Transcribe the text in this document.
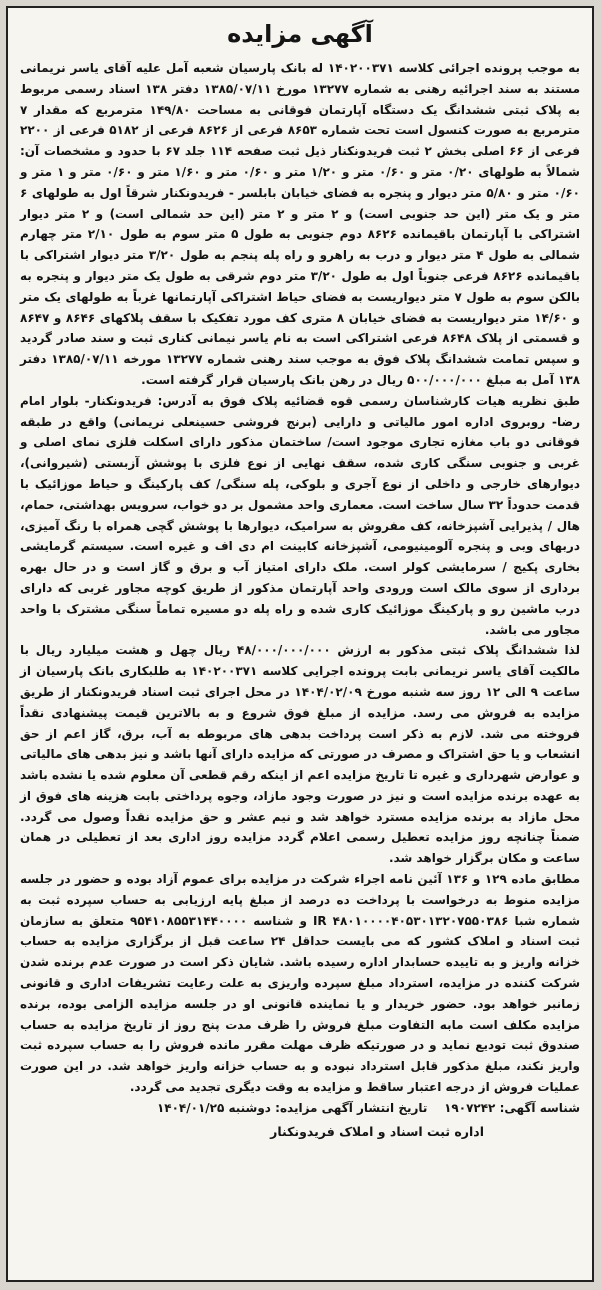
آگهی مزایده

به موجب پرونده اجرائی کلاسه ۱۴۰۲۰۰۳۷۱ له بانک پارسیان شعبه آمل علیه آقای یاسر نریمانی مستند به سند اجرائیه رهنی به شماره ۱۳۲۷۷ مورخ ۱۳۸۵/۰۷/۱۱ دفتر ۱۳۸ اسناد رسمی مربوط به پلاک ثبتی ششدانگ یک دستگاه آپارتمان فوقانی به مساحت ۱۴۹/۸۰ مترمربع که مقدار ۷ مترمربع به صورت کنسول است تحت شماره ۸۶۵۳ فرعی از ۸۶۲۶ فرعی از ۵۱۸۲ فرعی از ۲۲۰۰ فرعی از ۶۶ اصلی بخش ۲ ثبت فریدونکنار ذیل ثبت صفحه ۱۱۴ جلد ۶۷ با حدود و مشخصات آن: شمالاً به طولهای ۰/۲۰ متر و ۰/۶۰ متر و ۱/۲۰ متر و ۰/۶۰ متر و ۱/۶۰ متر و ۰/۶۰ متر و ۱ متر و ۰/۶۰ متر و ۵/۸۰ متر دیوار و پنجره به فضای خیابان بابلسر - فریدونکنار شرقاً اول به طولهای ۶ متر و یک متر (این حد جنوبی است) و ۲ متر و ۲ متر (این حد شمالی است) و ۲ متر دیوار اشتراکی با آپارتمان باقیمانده ۸۶۲۶ دوم جنوبی به طول ۵ متر سوم به طول ۲/۱۰ متر چهارم شمالی به طول ۴ متر دیوار و درب به راهرو و راه پله پنجم به طول ۳/۲۰ متر دیوار اشتراکی با باقیمانده ۸۶۲۶ فرعی جنوباً اول به طول ۳/۲۰ متر دوم شرقی به طول یک متر دیوار و پنجره به بالکن سوم به طول ۷ متر دیواریست به فضای حیاط اشتراکی آپارتمانها غرباً به طولهای یک متر و ۱۴/۶۰ متر دیواریست به فضای خیابان ۸ متری کف مورد تفکیک با سقف پلاکهای ۸۶۴۶ و ۸۶۴۷ و قسمتی از پلاک ۸۶۴۸ فرعی اشتراکی است به نام یاسر نیمانی کناری ثبت و سند صادر گردید و سپس تمامت ششدانگ پلاک فوق به موجب سند رهنی شماره ۱۳۲۷۷ مورخه ۱۳۸۵/۰۷/۱۱ دفتر ۱۳۸ آمل به مبلغ ۵۰۰/۰۰۰/۰۰۰ ریال در رهن بانک پارسیان قرار گرفته است.

طبق نظریه هیات کارشناسان رسمی قوه قضائیه پلاک فوق به آدرس: فریدونکنار- بلوار امام رضا- روبروی اداره امور مالیاتی و دارایی (برنج فروشی حسینعلی نریمانی) واقع در طبقه فوقانی دو باب مغازه تجاری موجود است/ ساختمان مذکور دارای اسکلت فلزی نمای اصلی و غربی و جنوبی سنگی کاری شده، سقف نهایی از نوع فلزی با پوشش آزبستی (شیروانی)، دیوارهای خارجی و داخلی از نوع آجری و بلوکی، پله سنگی/ کف پارکینگ و حیاط موزائیک با قدمت حدوداً ۳۲ سال ساخت است. معماری واحد مشمول بر دو خواب، سرویس بهداشتی، حمام، هال / پذیرایی آشپزخانه، کف مفروش به سرامیک، دیوارها با پوشش گچی همراه با رنگ آمیزی، دربهای وبی و پنجره آلومینیومی، آشپزخانه کابینت ام دی اف و غیره است. سیستم گرمایشی بخاری پکیج / سرمایشی کولر است. ملک دارای امتیاز آب و برق و گاز است و در حال بهره برداری از سوی مالک است ورودی واحد آپارتمان مذکور از طریق کوچه مجاور غربی که دارای درب ماشین رو و پارکینگ موزائیک کاری شده و راه پله دو مسیره تماماً سنگی مشترک با واحد مجاور می باشد.

لذا ششدانگ پلاک ثبتی مذکور به ارزش ۴۸/۰۰۰/۰۰۰/۰۰۰ ریال چهل و هشت میلیارد ریال با مالکیت آقای یاسر نریمانی بابت پرونده اجرایی کلاسه ۱۴۰۲۰۰۳۷۱ به طلبکاری بانک پارسیان از ساعت ۹ الی ۱۲ روز سه شنبه مورخ ۱۴۰۴/۰۲/۰۹ در محل اجرای ثبت اسناد فریدونکنار از طریق مزایده به فروش می رسد. مزایده از مبلغ فوق شروع و به بالاترین قیمت پیشنهادی نقداً فروخته می شد. لازم به ذکر است پرداخت بدهی های مربوطه به آب، برق، گاز اعم از حق انشعاب و یا حق اشتراک و مصرف در صورتی که مزایده دارای آنها باشد و نیز بدهی های مالیاتی و عوارض شهرداری و غیره تا تاریخ مزایده اعم از اینکه رقم قطعی آن معلوم شده یا نشده باشد به عهده برنده مزایده است و نیز در صورت وجود مازاد، وجوه پرداختی بابت هزینه های فوق از محل مازاد به برنده مزایده مسترد خواهد شد و نیم عشر و حق مزایده نقداً وصول می گردد. ضمناً چنانچه روز مزایده تعطیل رسمی اعلام گردد مزایده روز اداری بعد از تعطیلی در همان ساعت و مکان برگزار خواهد شد.

مطابق ماده ۱۲۹ و ۱۳۶ آئین نامه اجراء شرکت در مزایده برای عموم آزاد بوده و حضور در جلسه مزایده منوط به درخواست با پرداخت ده درصد از مبلغ پایه ارزیابی به حساب سپرده ثبت به شماره شبا IR ۴۸۰۱۰۰۰۰۴۰۵۳۰۱۳۲۰۷۵۵۰۳۸۶ و شناسه ۹۵۴۱۰۸۵۵۳۱۴۴۰۰۰۰ متعلق به سازمان ثبت اسناد و املاک کشور که می بایست حداقل ۲۴ ساعت قبل از برگزاری مزایده به حساب خزانه واریز و به تاییده حسابدار اداره رسیده باشد. شایان ذکر است در صورت عدم برنده شدن شرکت کننده در مزایده، استرداد مبلغ سپرده واریزی به علت رعایت تشریفات اداری و قانونی زمانبر خواهد بود. حضور خریدار و یا نماینده قانونی او در جلسه مزایده الزامی بوده، برنده مزایده مکلف است مابه التفاوت مبلغ فروش را ظرف مدت پنج روز از تاریخ مزایده به حساب صندوق ثبت تودیع نماید و در صورتیکه ظرف مهلت مقرر مانده فروش را به حساب سپرده ثبت واریز نکند، مبلغ مذکور قابل استرداد نبوده و به حساب خزانه واریز خواهد شد. در این صورت عملیات فروش از درجه اعتبار ساقط و مزایده به وقت دیگری تجدید می گردد.

شناسه آگهی: ۱۹۰۷۲۴۲    تاریخ انتشار آگهی مزایده: دوشنبه ۱۴۰۴/۰۱/۲۵

اداره ثبت اسناد و املاک فریدونکنار
